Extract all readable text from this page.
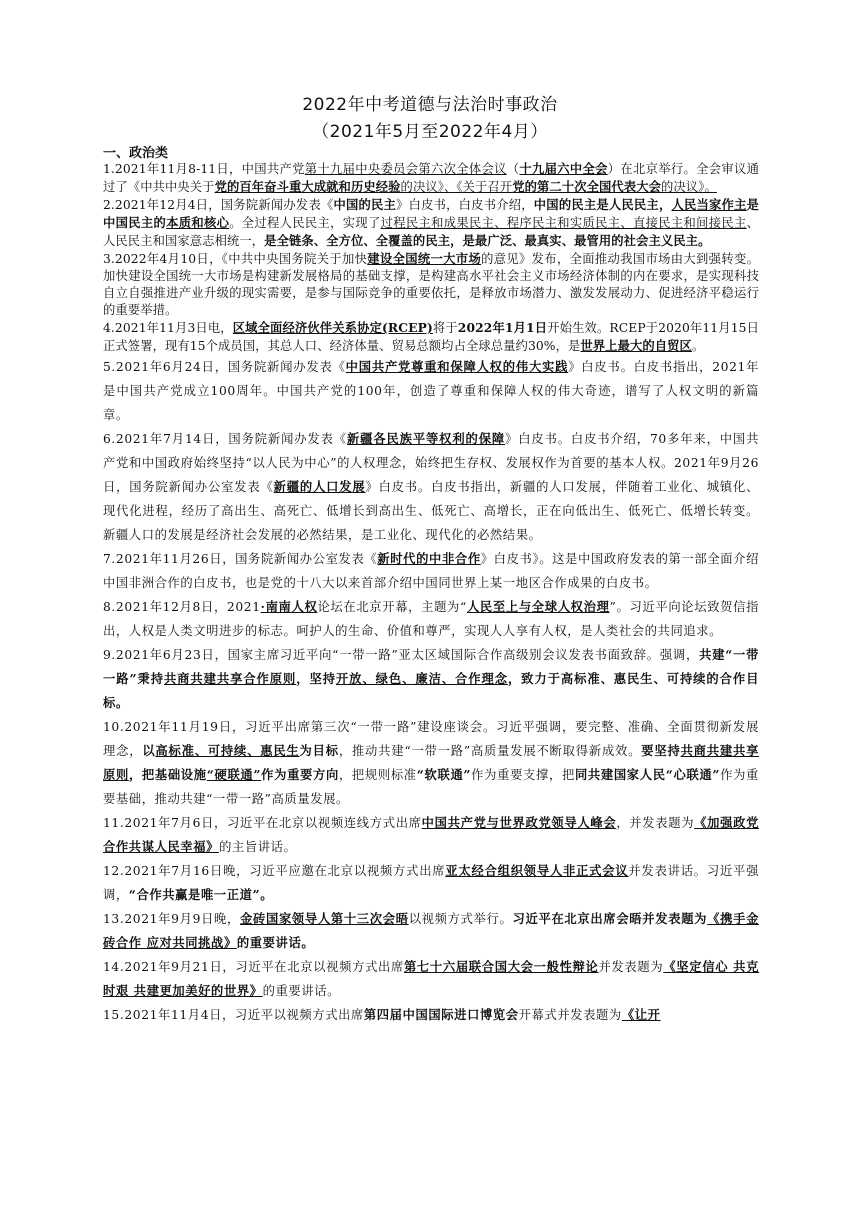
2022年中考道德与法治时事政治
（2021年5月至2022年4月）
一、政治类

1.2021年11月8-11日，中国共产党第十九届中央委员会第六次全体会议（十九届六中全会）在北京举行。全会审议通过了《中共中央关于党的百年奋斗重大成就和历史经验的决议》、《关于召开党的第二十次全国代表大会的决议》。

2.2021年12月4日，国务院新闻办发表《中国的民主》白皮书，白皮书介绍，中国的民主是人民民主，人民当家作主是中国民主的本质和核心。全过程人民民主，实现了过程民主和成果民主、程序民主和实质民主、直接民主和间接民主、人民民主和国家意志相统一，是全链条、全方位、全覆盖的民主，是最广泛、最真实、最管用的社会主义民主。

3.2022年4月10日，《中共中央国务院关于加快建设全国统一大市场的意见》发布，全面推动我国市场由大到强转变。加快建设全国统一大市场是构建新发展格局的基础支撑，是构建高水平社会主义市场经济体制的内在要求，是实现科技自立自强推进产业升级的现实需要，是参与国际竞争的重要依托，是释放市场潜力、激发发展动力、促进经济平稳运行的重要举措。

4.2021年11月3日电，区域全面经济伙伴关系协定(RCEP)将于2022年1月1日开始生效。RCEP于2020年11月15日正式签署，现有15个成员国，其总人口、经济体量、贸易总额均占全球总量约30%，是世界上最大的自贸区。

5.2021年6月24日，国务院新闻办发表《中国共产党尊重和保障人权的伟大实践》白皮书。白皮书指出，2021年是中国共产党成立100周年。中国共产党的100年，创造了尊重和保障人权的伟大奇迹，谱写了人权文明的新篇章。

6.2021年7月14日，国务院新闻办发表《新疆各民族平等权利的保障》白皮书。白皮书介绍，70多年来，中国共产党和中国政府始终坚持“以人民为中心”的人权理念，始终把生存权、发展权作为首要的基本人权。2021年9月26日，国务院新闻办公室发表《新疆的人口发展》白皮书。白皮书指出，新疆的人口发展，伴随着工业化、城镇化、现代化进程，经历了高出生、高死亡、低增长到高出生、低死亡、高增长，正在向低出生、低死亡、低增长转变。新疆人口的发展是经济社会发展的必然结果，是工业化、现代化的必然结果。

7.2021年11月26日，国务院新闻办公室发表《新时代的中非合作》白皮书》。这是中国政府发表的第一部全面介绍中国非洲合作的白皮书，也是党的十八大以来首部介绍中国同世界上某一地区合作成果的白皮书。

8.2021年12月8日，2021·南南人权论坛在北京开幕，主题为“人民至上与全球人权治理”。习近平向论坛致贺信指出，人权是人类文明进步的标志。呵护人的生命、价值和尊严，实现人人享有人权，是人类社会的共同追求。

9.2021年6月23日，国家主席习近平向“一带一路”亚太区域国际合作高级别会议发表书面致辞。强调，共建“一带一路”秉持共商共建共享合作原则，坚持开放、绿色、廉洁、合作理念，致力于高标准、惠民生、可持续的合作目标。

10.2021年11月19日，习近平出席第三次“一带一路”建设座谈会。习近平强调，要完整、准确、全面贯彻新发展理念，以高标准、可持续、惠民生为目标，推动共建“一带一路”高质量发展不断取得新成效。要坚持共商共建共享原则，把基础设施“硬联通”作为重要方向，把规则标准“软联通”作为重要支撑，把同共建国家人民“心联通”作为重要基础，推动共建“一带一路”高质量发展。

11.2021年7月6日，习近平在北京以视频连线方式出席中国共产党与世界政党领导人峰会，并发表题为《加强政党合作共谋人民幸福》的主旨讲话。

12.2021年7月16日晚，习近平应邀在北京以视频方式出席亚太经合组织领导人非正式会议并发表讲话。习近平强调，“合作共赢是唯一正道”。

13.2021年9月9日晚，金砖国家领导人第十三次会晤以视频方式举行。习近平在北京出席会晤并发表题为《携手金砖合作 应对共同挑战》的重要讲话。

14.2021年9月21日，习近平在北京以视频方式出席第七十六届联合国大会一般性辩论并发表题为《坚定信心 共克时艰 共建更加美好的世界》的重要讲话。

15.2021年11月4日，习近平以视频方式出席第四届中国国际进口博览会开幕式并发表题为《让开
